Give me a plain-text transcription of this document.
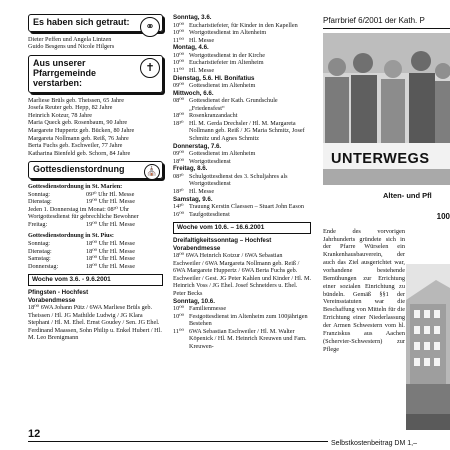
Es haben sich getraut:	⚭
Dieter Peffen und Angela Lintzen
Guido Besgens und Nicole Hilgers
Aus unserer Pfarrgemeinde verstarben:
✝
Marliese Brüls geb. Theissen, 65 Jahre
Josefa Reuter geb. Hepp, 82 Jahre
Heinrich Kotzur, 78 Jahre
Maria Queck geb. Rosenbaum, 90 Jahre
Margarete Huppertz geb. Bücken, 80 Jahre
Margareta Nollmann geb. Reiß, 76 Jahre
Berta Fuchs geb. Eschweiler, 77 Jahre
Katharina Bienfeld geb. Schorn, 84 Jahre
Gottesdienstordnung ⛪
Gottesdienstordnung in St. Marien:
Sonntag:	09³⁰ Uhr Hl. Messe
Dienstag:	19⁰⁰ Uhr Hl. Messe
Jeden 1. Donnerstag im Monat: 08³⁰ Uhr Wortgottesdienst für gebrechliche Bewohner
Freitag:	19⁰⁰ Uhr Hl. Messe
Gottesdienstordnung in St. Pius:
Sonntag:	18⁰⁰ Uhr Hl. Messe
Dienstag:	18⁰⁰ Uhr Hl. Messe
Samstag:	18⁰⁰ Uhr Hl. Messe
Donnerstag:	18⁰⁰ Uhr Hl. Messe
Woche vom 3.6. - 9.6.2001
Pfingsten - Hochfest
Vorabendmesse
18⁰⁰ 6WA Johann Pütz / 6WA Marliese Brüls geb. Theissen / Hl. JG Mathilde Ludwig / JG Klara Stephani / Hl. M. Ehel. Ernst Goudey / Sen. JG Ehel. Ferdinand Maassen, Sohn Philip u. Enkel Hubert / Hl. M. Leo Brenigmann
12
Sonntag, 3.6.
10⁰⁰ Eucharistiefeier, für Kinder in den Kapellen
10⁰⁰ Wortgottesdienst im Altenheim
11⁰⁰ Hl. Messe
Montag, 4.6.
10⁰⁰ Wortgottesdienst in der Kirche
10⁰⁰ Eucharistiefeier im Altenheim
11⁰⁰ Hl. Messe
Dienstag, 5.6. Hl. Bonifatius
09⁰⁰ Gottesdienst im Altenheim
Mittwoch, 6.6.
08⁰⁰ Gottesdienst der Kath. Grundschule „Friedensfest“
18⁰⁰ Rosenkranzandacht
18³⁰ Hl. M. Gerda Drechsler / Hl. M. Margareta Nollmann geb. Reiß / JG Maria Schmitz, Josef Schmitz und Agnes Schmitz
Donnerstag, 7.6.
09⁰⁰ Gottesdienst im Altenheim
18⁰⁰ Wortgottesdienst
Freitag, 8.6.
08³⁰ Schulgottesdienst des 3. Schuljahres als Wortgottesdienst
18³⁰ Hl. Messe
Samstag, 9.6.
14³⁰ Trauung Kerstin Claessen – Stuart John Eason
16⁰⁰ Taufgottesdienst
Woche vom 10.6. – 16.6.2001
Dreifaltigkeitssonntag – Hochfest
Vorabendmesse
18⁰⁰ 6WA Heinrich Kotzur / 6WA Sebastian Eschweiler / 6WA Margareta Nollmann geb. Reiß / 6WA Margarete Huppertz / 6WA Berta Fuchs geb. Eschweiler / Gest. JG Peter Kahlen und Kinder / Hl. M. Heinrich Voss / JG Ehel. Josef Schneiders u. Ehel. Peter Becks
Sonntag, 10.6.
10⁰⁰ Familienmesse
10⁰⁰ Festgottesdienst im Altenheim zum 100jährigen Bestehen
11⁰⁰ 6WA Sebastian Eschweiler / Hl. M. Walter Köpenick / Hl. M. Heinrich Kreuwen und Fam. Kreuwen-
Pfarrbrief 6/2001 der Kath. P
UNTERWEGS
Alten- und Pfl
100
Ende des vorvorigen Jahrhunderts gründete sich in der Pfarre Würselen ein Krankenhausbauverein, der auch das Ziel ausgerichtet war, vorhandene bestehende Bemühungen zur Errichtung einer sozialen Einrichtung zu bündeln. Gemäß §§1 der Vereinsstatuten war die Beschaffung von Mitteln für die Errichtung einer Niederlassung der Armen Schwestern vom hl. Franziskus aus Aachen (Schervier-Schwestern) zur Pflege
Selbstkostenbeitrag DM 1,–
